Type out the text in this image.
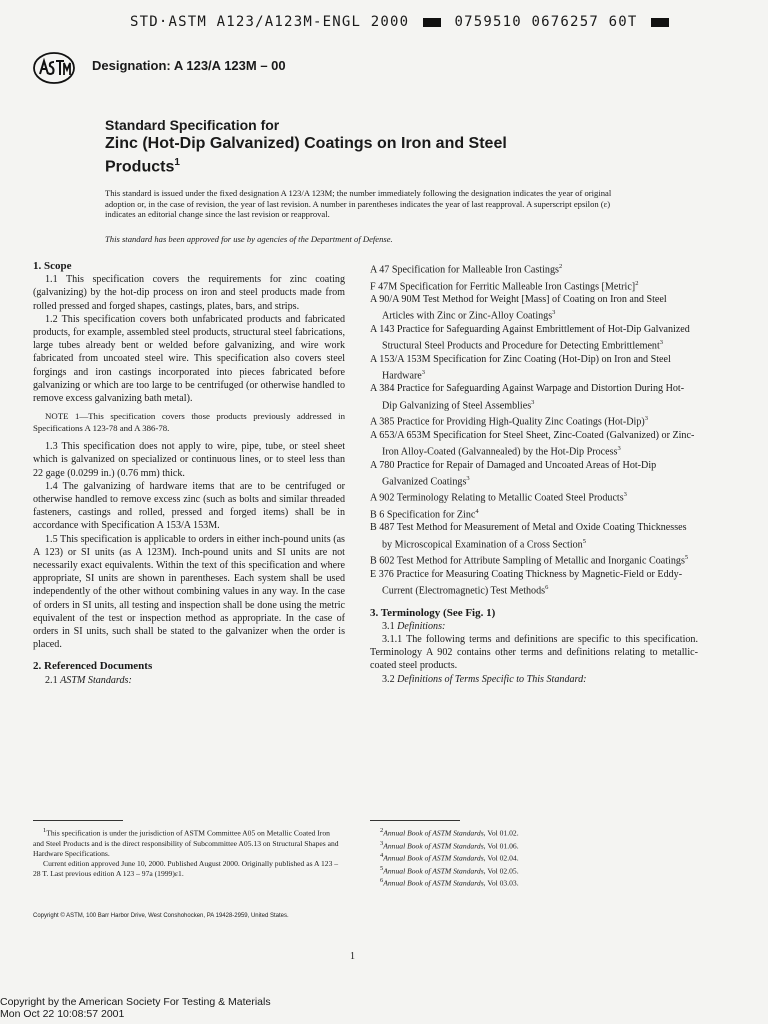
STD·ASTM A123/A123M-ENGL 2000	0759510 0676257 60T
Designation: A 123/A 123M – 00
Standard Specification for
Zinc (Hot-Dip Galvanized) Coatings on Iron and Steel Products$^1$
This standard is issued under the fixed designation A 123/A 123M; the number immediately following the designation indicates the year of original adoption or, in the case of revision, the year of last revision. A number in parentheses indicates the year of last reapproval. A superscript epsilon (ε) indicates an editorial change since the last revision or reapproval.
This standard has been approved for use by agencies of the Department of Defense.

1. Scope

1.1 This specification covers the requirements for zinc coating (galvanizing) by the hot-dip process on iron and steel products made from rolled pressed and forged shapes, castings, plates, bars, and strips.

1.2 This specification covers both unfabricated products and fabricated products, for example, assembled steel products, structural steel fabrications, large tubes already bent or welded before galvanizing, and wire work fabricated from uncoated steel wire. This specification also covers steel forgings and iron castings incorporated into pieces fabricated before galvanizing or which are too large to be centrifuged (or otherwise handled to remove excess galvanizing bath metal).

NOTE 1—This specification covers those products previously addressed in Specifications A 123-78 and A 386-78.

1.3 This specification does not apply to wire, pipe, tube, or steel sheet which is galvanized on specialized or continuous lines, or to steel less than 22 gage (0.0299 in.) (0.76 mm) thick.

1.4 The galvanizing of hardware items that are to be centrifuged or otherwise handled to remove excess zinc (such as bolts and similar threaded fasteners, castings and rolled, pressed and forged items) shall be in accordance with Specification A 153/A 153M.

1.5 This specification is applicable to orders in either inch-pound units (as A 123) or SI units (as A 123M). Inch-pound units and SI units are not necessarily exact equivalents. Within the text of this specification and where appropriate, SI units are shown in parentheses. Each system shall be used independently of the other without combining values in any way. In the case of orders in SI units, all testing and inspection shall be done using the metric equivalent of the test or inspection method as appropriate. In the case of orders in SI units, such shall be stated to the galvanizer when the order is placed.

2. Referenced Documents

2.1 ASTM Standards:

A 47 Specification for Malleable Iron Castings$^2$

F 47M Specification for Ferritic Malleable Iron Castings [Metric]$^2$

A 90/A 90M Test Method for Weight [Mass] of Coating on Iron and Steel Articles with Zinc or Zinc-Alloy Coatings$^3$

A 143 Practice for Safeguarding Against Embrittlement of Hot-Dip Galvanized Structural Steel Products and Procedure for Detecting Embrittlement$^3$

A 153/A 153M Specification for Zinc Coating (Hot-Dip) on Iron and Steel Hardware$^3$

A 384 Practice for Safeguarding Against Warpage and Distortion During Hot-Dip Galvanizing of Steel Assemblies$^3$

A 385 Practice for Providing High-Quality Zinc Coatings $(Hot-Dip)^3$

A 653/A 653M Specification for Steel Sheet, Zinc-Coated (Galvanized) or Zinc-Iron Alloy-Coated (Galvannealed) by the Hot-Dip Process$^3$

A 780 Practice for Repair of Damaged and Uncoated Areas of Hot-Dip Galvanized Coatings$^3$

A 902 Terminology Relating to Metallic Coated Steel Products$^3$

B 6 Specification for Zinc$^4$

B 487 Test Method for Measurement of Metal and Oxide Coating Thicknesses by Microscopical Examination of a Cross Section$^5$

B 602 Test Method for Attribute Sampling of Metallic and Inorganic Coatings$^5$

E 376 Practice for Measuring Coating Thickness by Magnetic-Field or Eddy-Current (Electromagnetic) Test Methods$^6$

3. Terminology (See Fig. 1)

3.1 Definitions:

3.1.1 The following terms and definitions are specific to this specification. Terminology A 902 contains other terms and definitions relating to metallic-coated steel products.

3.2 Definitions of Terms Specific to This Standard:

$^1$This specification is under the jurisdiction of ASTM Committee A05 on Metallic Coated Iron and Steel Products and is the direct responsibility of Subcommittee A05.13 on Structural Shapes and Hardware Specifications.

Current edition approved June 10, 2000. Published August 2000. Originally published as A 123 – 28 T. Last previous edition A 123 – 97a (1999)ε1.

$^2$Annual Book of ASTM Standards, Vol 01.02.

$^3$Annual Book of ASTM Standards, Vol 01.06.

$^4$Annual Book of ASTM Standards, Vol 02.04.

$^5$Annual Book of ASTM Standards, Vol 02.05.

$^6$Annual Book of ASTM Standards, Vol 03.03.

Copyright © ASTM, 100 Barr Harbor Drive, West Conshohocken, PA 19428-2959, United States.
1
Copyright by the American Society For Testing & Materials
Mon Oct 22 10:08:57 2001
